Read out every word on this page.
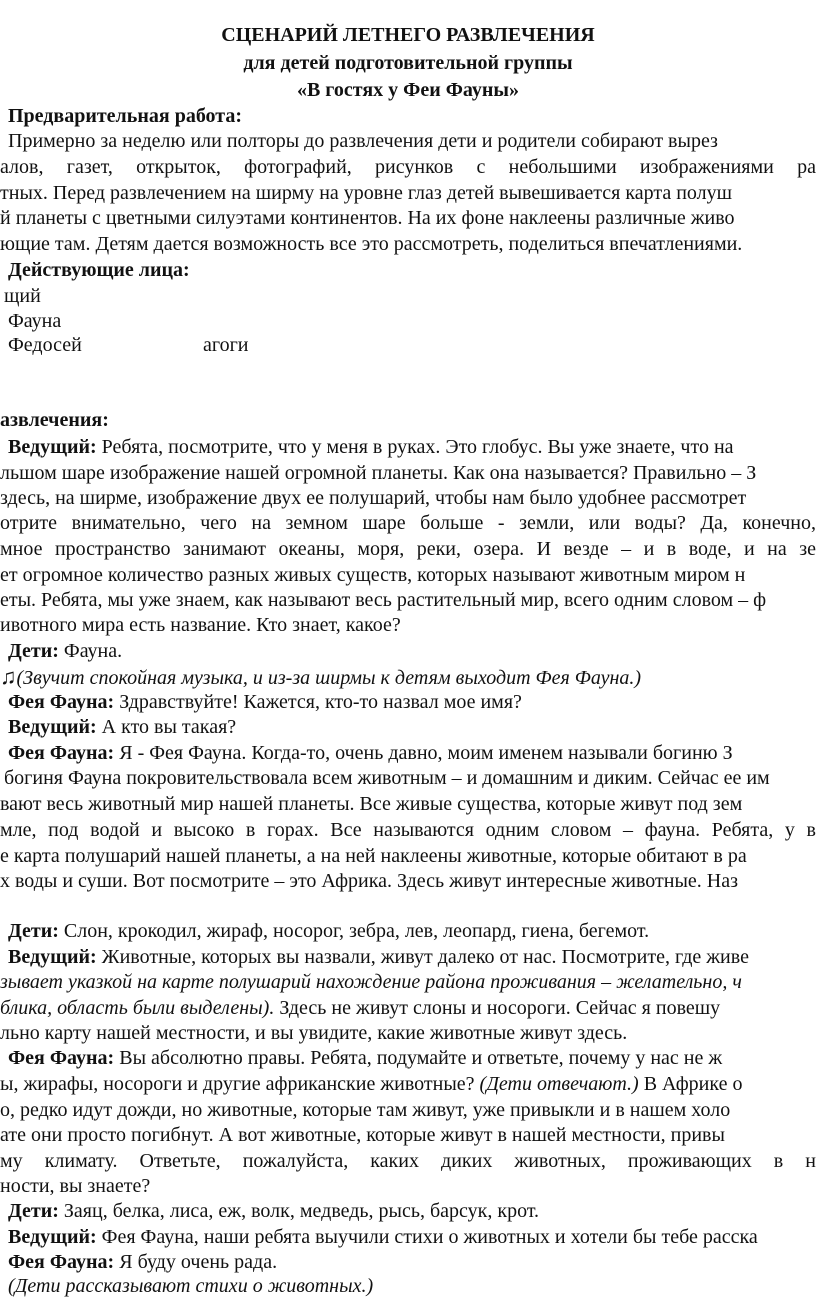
СЦЕНАРИЙ ЛЕТНЕГО РАЗВЛЕЧЕНИЯ
для детей подготовительной группы
«В гостях у Феи Фауны»
Предварительная работа:
Примерно за неделю или полторы до развлечения дети и родители собирают вырез
алов, газет, открыток, фотографий, рисунков с небольшими изображениями ра
тных. Перед развлечением на ширму на уровне глаз детей вывешивается карта полуш
й планеты с цветными силуэтами континентов. На их фоне наклеены различные живо
ющие там. Детям дается возможность все это рассмотреть, поделиться впечатлениями.
Действующие лица:
щий
Фауна
Федосей	агоги
азвлечения:
Ведущий: Ребята, посмотрите, что у меня в руках. Это глобус. Вы уже знаете, что на
льшом шаре изображение нашей огромной планеты. Как она называется? Правильно – З
здесь, на ширме, изображение двух ее полушарий, чтобы нам было удобнее рассмотрет
отрите внимательно, чего на земном шаре больше - земли, или воды? Да, конечно,
мное пространство занимают океаны, моря, реки, озера. И везде – и в воде, и на зе
ет огромное количество разных живых существ, которых называют животным миром н
еты. Ребята, мы уже знаем, как называют весь растительный мир, всего одним словом – ф
ивотного мира есть название. Кто знает, какое?
Дети: Фауна.
♫(Звучит спокойная музыка, и из-за ширмы к детям выходит Фея Фауна.)
Фея Фауна: Здравствуйте! Кажется, кто-то назвал мое имя?
Ведущий: А кто вы такая?
Фея Фауна: Я - Фея Фауна. Когда-то, очень давно, моим именем называли богиню З
богиня Фауна покровительствовала всем животным – и домашним и диким. Сейчас ее им
вают весь животный мир нашей планеты. Все живые существа, которые живут под зем
мле, под водой и высоко в горах. Все называются одним словом – фауна. Ребята, у в
е карта полушарий нашей планеты, а на ней наклеены животные, которые обитают в ра
х воды и суши. Вот посмотрите – это Африка. Здесь живут интересные животные. Наз
Дети: Слон, крокодил, жираф, носорог, зебра, лев, леопард, гиена, бегемот.
Ведущий: Животные, которых вы назвали, живут далеко от нас. Посмотрите, где живе
зывает указкой на карте полушарий нахождение района проживания – желательно, ч
блика, область были выделены). Здесь не живут слоны и носороги. Сейчас я повешу
льно карту нашей местности, и вы увидите, какие животные живут здесь.
Фея Фауна: Вы абсолютно правы. Ребята, подумайте и ответьте, почему у нас не ж
ы, жирафы, носороги и другие африканские животные? (Дети отвечают.) В Африке о
о, редко идут дожди, но животные, которые там живут, уже привыкли и в нашем холо
ате они просто погибнут. А вот животные, которые живут в нашей местности, привы
му климату. Ответьте, пожалуйста, каких диких животных, проживающих в н
ности, вы знаете?
Дети: Заяц, белка, лиса, еж, волк, медведь, рысь, барсук, крот.
Ведущий: Фея Фауна, наши ребята выучили стихи о животных и хотели бы тебе расска
Фея Фауна: Я буду очень рада.
(Дети рассказывают стихи о животных.)
